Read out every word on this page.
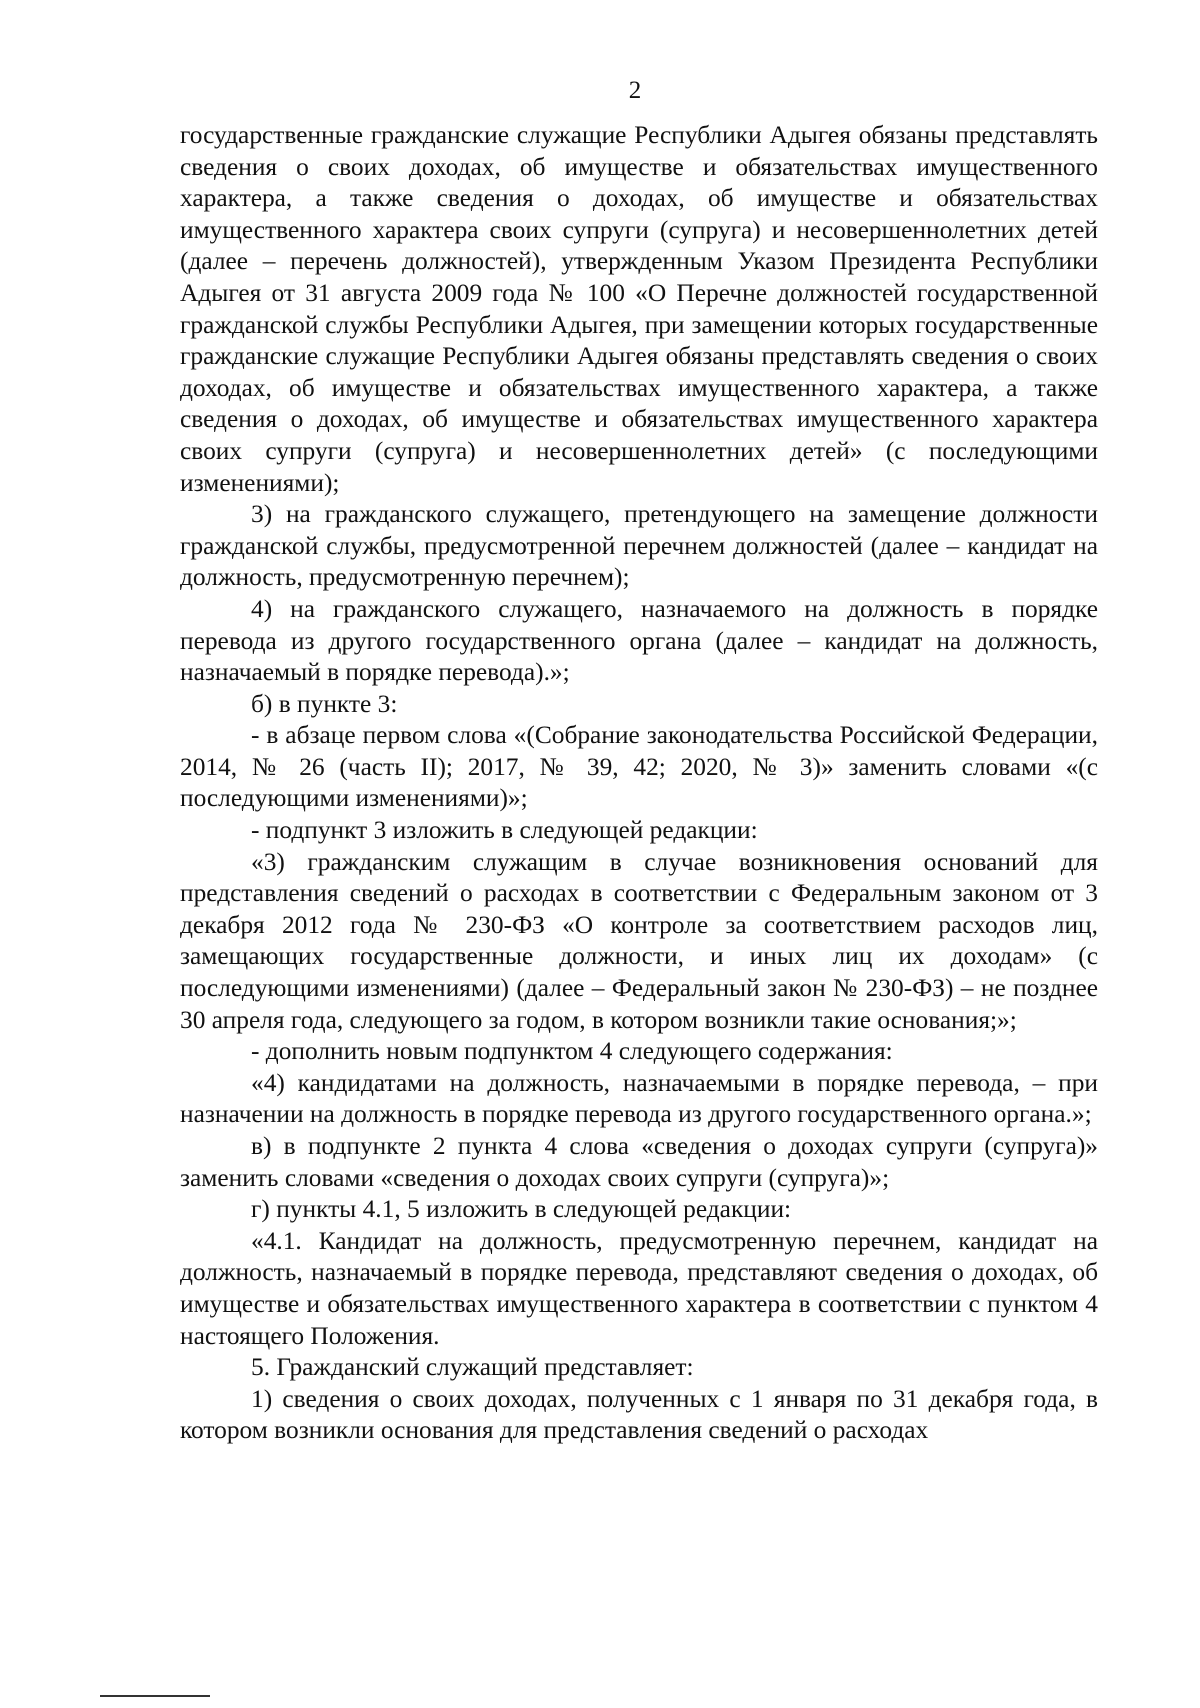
2

государственные гражданские служащие Республики Адыгея обязаны представлять сведения о своих доходах, об имуществе и обязательствах имущественного характера, а также сведения о доходах, об имуществе и обязательствах имущественного характера своих супруги (супруга) и несовершеннолетних детей (далее – перечень должностей), утвержденным Указом Президента Республики Адыгея от 31 августа 2009 года № 100 «О Перечне должностей государственной гражданской службы Республики Адыгея, при замещении которых государственные гражданские служащие Республики Адыгея обязаны представлять сведения о своих доходах, об имуществе и обязательствах имущественного характера, а также сведения о доходах, об имуществе и обязательствах имущественного характера своих супруги (супруга) и несовершеннолетних детей» (с последующими изменениями);

3) на гражданского служащего, претендующего на замещение должности гражданской службы, предусмотренной перечнем должностей (далее – кандидат на должность, предусмотренную перечнем);

4) на гражданского служащего, назначаемого на должность в порядке перевода из другого государственного органа (далее – кандидат на должность, назначаемый в порядке перевода).»;

б) в пункте 3:

- в абзаце первом слова «(Собрание законодательства Российской Федерации, 2014, № 26 (часть II); 2017, № 39, 42; 2020, № 3)» заменить словами «(с последующими изменениями)»;

- подпункт 3 изложить в следующей редакции:

«3) гражданским служащим в случае возникновения оснований для представления сведений о расходах в соответствии с Федеральным законом от 3 декабря 2012 года № 230-ФЗ «О контроле за соответствием расходов лиц, замещающих государственные должности, и иных лиц их доходам» (с последующими изменениями) (далее – Федеральный закон № 230-ФЗ) – не позднее 30 апреля года, следующего за годом, в котором возникли такие основания;»;

- дополнить новым подпунктом 4 следующего содержания:

«4) кандидатами на должность, назначаемыми в порядке перевода, – при назначении на должность в порядке перевода из другого государственного органа.»;

в) в подпункте 2 пункта 4 слова «сведения о доходах супруги (супруга)» заменить словами «сведения о доходах своих супруги (супруга)»;

г) пункты 4.1, 5 изложить в следующей редакции:

«4.1. Кандидат на должность, предусмотренную перечнем, кандидат на должность, назначаемый в порядке перевода, представляют сведения о доходах, об имуществе и обязательствах имущественного характера в соответствии с пунктом 4 настоящего Положения.

5. Гражданский служащий представляет:

1) сведения о своих доходах, полученных с 1 января по 31 декабря года, в котором возникли основания для представления сведений о расходах
